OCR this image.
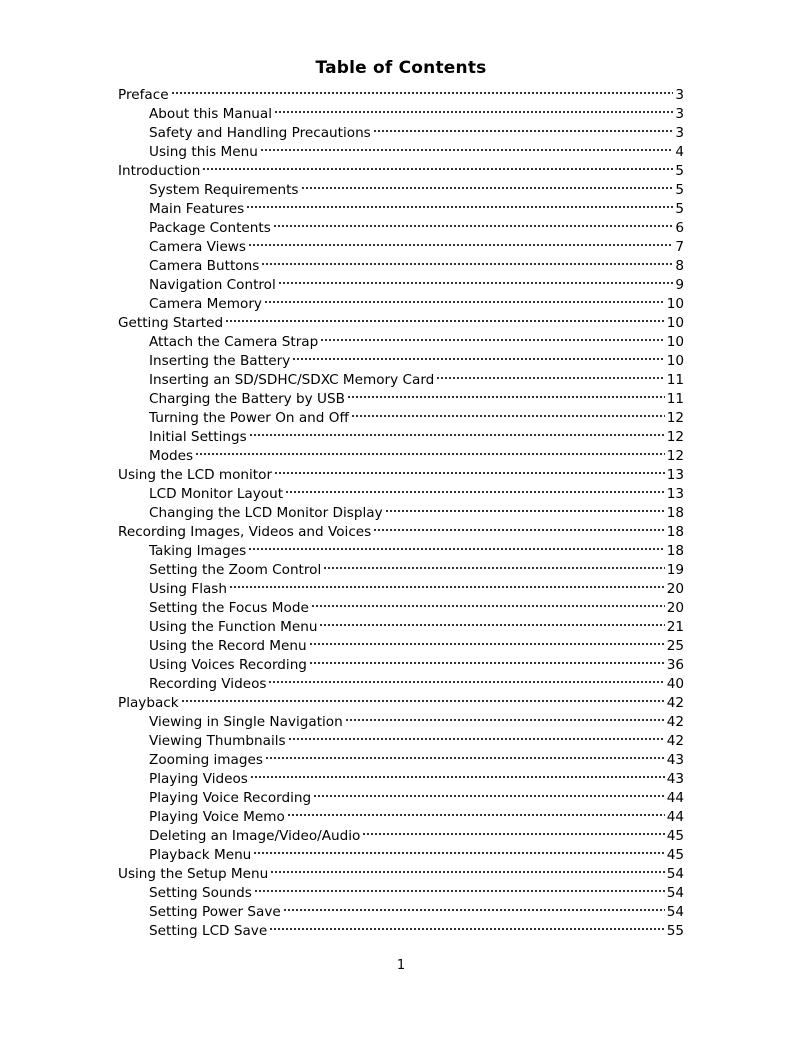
Table of Contents
Preface	3
About this Manual	3
Safety and Handling Precautions	3
Using this Menu	4
Introduction	5
System Requirements	5
Main Features	5
Package Contents	6
Camera Views	7
Camera Buttons	8
Navigation Control	9
Camera Memory	10
Getting Started	10
Attach the Camera Strap	10
Inserting the Battery	10
Inserting an SD/SDHC/SDXC Memory Card	11
Charging the Battery by USB	11
Turning the Power On and Off	12
Initial Settings	12
Modes	12
Using the LCD monitor	13
LCD Monitor Layout	13
Changing the LCD Monitor Display	18
Recording Images, Videos and Voices	18
Taking Images	18
Setting the Zoom Control	19
Using Flash	20
Setting the Focus Mode	20
Using the Function Menu	21
Using the Record Menu	25
Using Voices Recording	36
Recording Videos	40
Playback	42
Viewing in Single Navigation	42
Viewing Thumbnails	42
Zooming images	43
Playing Videos	43
Playing Voice Recording	44
Playing Voice Memo	44
Deleting an Image/Video/Audio	45
Playback Menu	45
Using the Setup Menu	54
Setting Sounds	54
Setting Power Save	54
Setting LCD Save	55
1
